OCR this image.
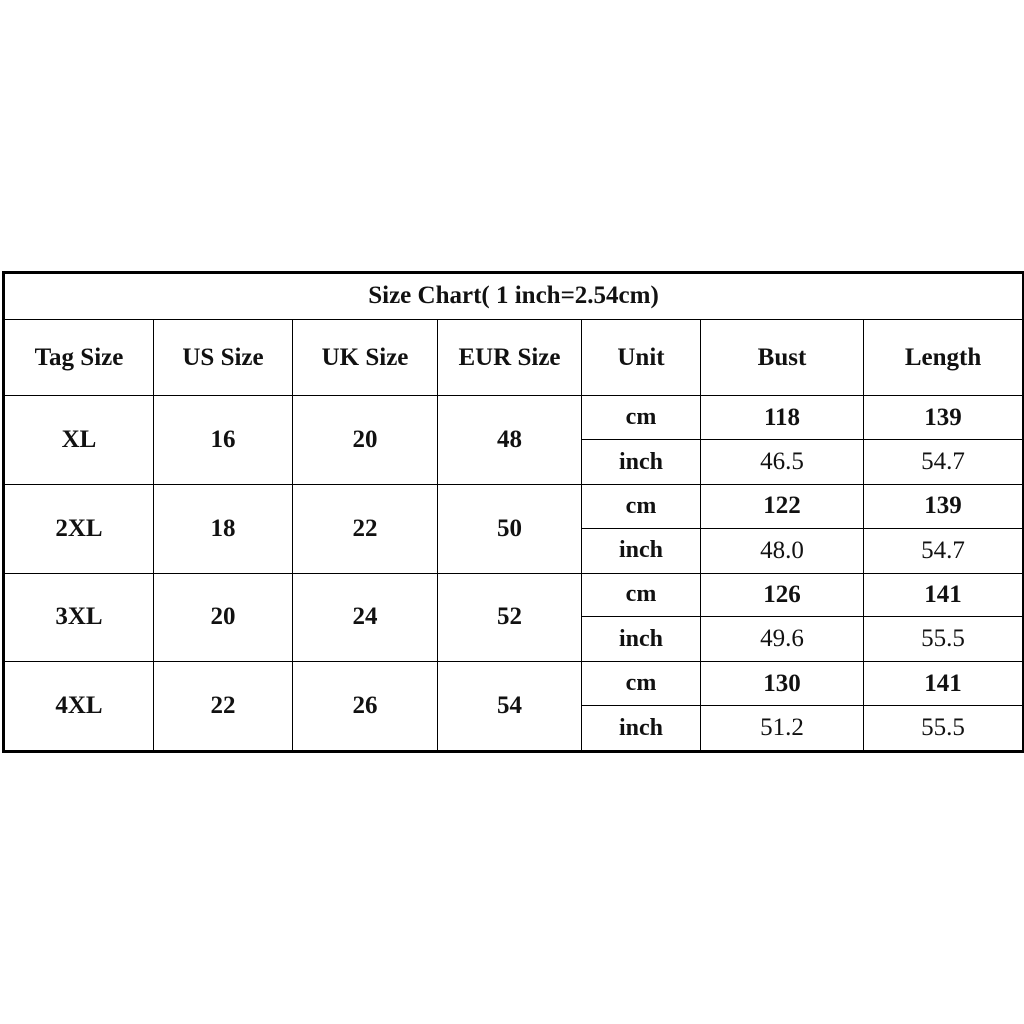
Size Chart( 1 inch=2.54cm)						
Tag Size	US Size	UK Size	EUR Size	Unit	Bust	Length
XL	16	20	48	cm	118	139
				inch	46.5	54.7
2XL	18	22	50	cm	122	139
				inch	48.0	54.7
3XL	20	24	52	cm	126	141
				inch	49.6	55.5
4XL	22	26	54	cm	130	141
				inch	51.2	55.5
